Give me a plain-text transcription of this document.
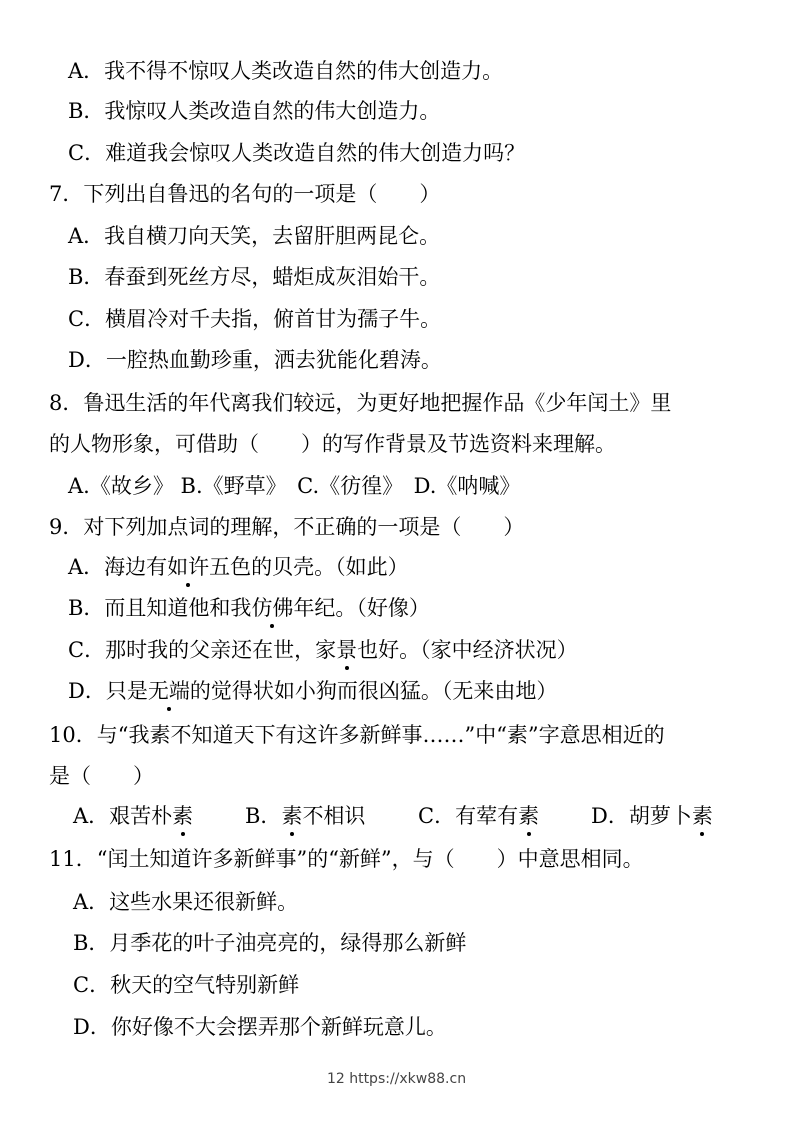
A．我不得不惊叹人类改造自然的伟大创造力。
B．我惊叹人类改造自然的伟大创造力。
C．难道我会惊叹人类改造自然的伟大创造力吗？
7．下列出自鲁迅的名句的一项是（　　）
A．我自横刀向天笑，去留肝胆两昆仑。
B．春蚕到死丝方尽，蜡炬成灰泪始干。
C．横眉冷对千夫指，俯首甘为孺子牛。
D．一腔热血勤珍重，洒去犹能化碧涛。
8．鲁迅生活的年代离我们较远，为更好地把握作品《少年闰土》里
的人物形象，可借助（　　）的写作背景及节选资料来理解。
A.《故乡》 B.《野草》　C.《彷徨》　D.《呐喊》
9．对下列加点词的理解，不正确的一项是（　　）
A．海边有如许五色的贝壳。（如此）
B．而且知道他和我仿佛年纪。（好像）
C．那时我的父亲还在世，家景也好。（家中经济状况）
D．只是无端的觉得状如小狗而很凶猛。（无来由地）
10．与“我素不知道天下有这许多新鲜事……”中“素”字意思相近的
是（　　）
A．艰苦朴素 B．素不相识	C．有荤有素 D．胡萝卜素
11．“闰土知道许多新鲜事”的“新鲜”，与（　　）中意思相同。
A．这些水果还很新鲜。
B．月季花的叶子油亮亮的，绿得那么新鲜
C．秋天的空气特别新鲜
D．你好像不大会摆弄那个新鲜玩意儿。
12 https://xkw88.cn
